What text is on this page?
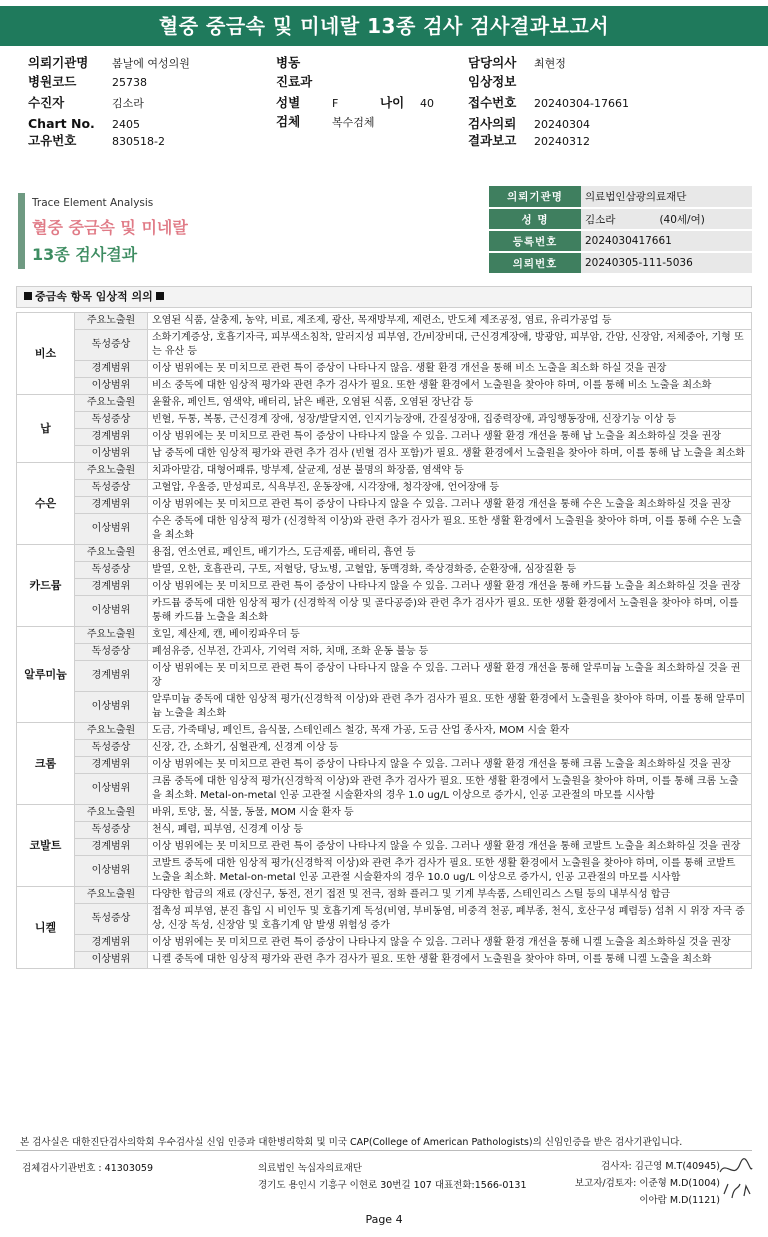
혈중 중금속 및 미네랄 13종 검사 검사결과보고서
의뢰기관명 봄날에 여성의원
병원코드	25738
수진자	김소라
Chart No. 2405
고유번호	830518-2
병동
진료과
성별	F	나이 40
검체	복수검체
담당의사 최현정
임상정보
접수번호 20240304-17661
검사의뢰 20240304
결과보고 20240312
Trace Element Analysis
혈중 중금속 및 미네랄
13종 검사결과
의뢰기관명	의료법인삼광의료재단
성 명	김소라 (40세/여)
등록번호	2024030417661
의뢰번호	20240305-111-5036
중금속 항목 임상적 의의
비소	주요노출원	오염된 식품, 살충제, 농약, 비료, 제조제, 광산, 목재방부제, 제련소, 반도체 제조공정, 염료, 유리가공업 등
	독성증상	소화기계증상, 호흡기자극, 피부색소침착, 알러지성 피부염, 간/비장비대, 근신경계장애, 방광암, 피부암, 간암, 신장암, 저체중아, 기형 또는 유산 등
	경계범위	이상 범위에는 못 미치므로 관련 특이 증상이 나타나지 않음. 생활 환경 개선을 통해 비소 노출을 최소화 하실 것을 권장
	이상범위	비소 중독에 대한 임상적 평가와 관련 추가 검사가 필요. 또한 생활 환경에서 노출원을 찾아야 하며, 이를 통해 비소 노출을 최소화
납	주요노출원	윤활유, 페인트, 염색약, 배터리, 낡은 배관, 오염된 식품, 오염된 장난감 등
	독성증상	빈혈, 두통, 복통, 근신경계 장애, 성장/발달지연, 인지기능장애, 간질성장애, 집중력장애, 과잉행동장애, 신장기능 이상 등
	경계범위	이상 범위에는 못 미치므로 관련 특이 증상이 나타나지 않을 수 있음. 그러나 생활 환경 개선을 통해 납 노출을 최소화하실 것을 권장
	이상범위	납 중독에 대한 임상적 평가와 관련 추가 검사 (빈혈 검사 포함)가 필요. 생활 환경에서 노출원을 찾아야 하며, 이를 통해 납 노출을 최소화
수은	주요노출원	치과아말감, 대형어패류, 방부제, 살균제, 성분 불명의 화장품, 염색약 등
	독성증상	고혈압, 우울증, 만성피로, 식욕부진, 운동장애, 시각장애, 청각장애, 언어장애 등
	경계범위	이상 범위에는 못 미치므로 관련 특이 증상이 나타나지 않을 수 있음. 그러나 생활 환경 개선을 통해 수은 노출을 최소화하실 것을 권장
	이상범위	수은 중독에 대한 임상적 평가 (신경학적 이상)와 관련 추가 검사가 필요. 또한 생활 환경에서 노출원을 찾아야 하며, 이를 통해 수은 노출을 최소화
카드뮴	주요노출원	용접, 연소연료, 페인트, 배기가스, 도금제품, 배터리, 흡연 등
	독성증상	발열, 오한, 호흡관리, 구토, 저혈당, 당뇨병, 고혈압, 동맥경화, 죽상경화증, 순환장애, 심장질환 등
	경계범위	이상 범위에는 못 미치므로 관련 특이 증상이 나타나지 않을 수 있음. 그러나 생활 환경 개선을 통해 카드뮴 노출을 최소화하실 것을 권장
	이상범위	카드뮴 중독에 대한 임상적 평가 (신경학적 이상 및 골다공증)와 관련 추가 검사가 필요. 또한 생활 환경에서 노출원을 찾아야 하며, 이를 통해 카드뮴 노출을 최소화
알루미늄	주요노출원	호일, 제산제, 캔, 베이킹파우더 등
	독성증상	폐섬유증, 신부전, 간괴사, 기억력 저하, 치매, 조화 운동 불능 등
	경계범위	이상 범위에는 못 미치므로 관련 특이 증상이 나타나지 않을 수 있음. 그러나 생활 환경 개선을 통해 알루미늄 노출을 최소화하실 것을 권장
	이상범위	알루미늄 중독에 대한 임상적 평가(신경학적 이상)와 관련 추가 검사가 필요. 또한 생활 환경에서 노출원을 찾아야 하며, 이를 통해 알루미늄 노출을 최소화
크롬	주요노출원	도금, 가죽태닝, 페인트, 음식물, 스테인레스 철강, 목재 가공, 도금 산업 종사자, MOM 시술 환자
	독성증상	신장, 간, 소화기, 심혈관계, 신경계 이상 등
	경계범위	이상 범위에는 못 미치므로 관련 특이 증상이 나타나지 않을 수 있음. 그러나 생활 환경 개선을 통해 크롬 노출을 최소화하실 것을 권장
	이상범위	크롬 중독에 대한 임상적 평가(신경학적 이상)와 관련 추가 검사가 필요. 또한 생활 환경에서 노출원을 찾아야 하며, 이를 통해 크롬 노출을 최소화. Metal-on-metal 인공 고관절 시술환자의 경우 1.0 ug/L 이상으로 증가시, 인공 고관절의 마모를 시사함
코발트	주요노출원	바위, 토양, 물, 식물, 동물, MOM 시술 환자 등
	독성증상	천식, 폐렴, 피부염, 신경계 이상 등
	경계범위	이상 범위에는 못 미치므로 관련 특이 증상이 나타나지 않을 수 있음. 그러나 생활 환경 개선을 통해 코발트 노출을 최소화하실 것을 권장
	이상범위	코발트 중독에 대한 임상적 평가(신경학적 이상)와 관련 추가 검사가 필요. 또한 생활 환경에서 노출원을 찾아야 하며, 이를 통해 코발트 노출을 최소화. Metal-on-metal 인공 고관절 시술환자의 경우 10.0 ug/L 이상으로 증가시, 인공 고관절의 마모를 시사함
니켈	주요노출원	다양한 합금의 재료 (장신구, 동전, 전기 접전 및 전극, 점화 플러그 및 기계 부속품, 스테인리스 스틸 등의 내부식성 합금
	독성증상	접촉성 피부염, 분진 흡입 시 비인두 및 호흡기계 독성(비염, 부비동염, 비중격 천공, 폐부종, 천식, 호산구성 폐렴등) 섭취 시 위장 자극 증상, 신장 독성, 신장암 및 호흡기계 암 발생 위험성 증가
	경계범위	이상 범위에는 못 미치므로 관련 특이 증상이 나타나지 않을 수 있음. 그러나 생활 환경 개선을 통해 니켈 노출을 최소화하실 것을 권장
	이상범위	니켈 중독에 대한 임상적 평가와 관련 추가 검사가 필요. 또한 생활 환경에서 노출원을 찾아야 하며, 이를 통해 니켈 노출을 최소화
본 검사실은 대한진단검사의학회 우수검사실 신임 인증과 대한병리학회 및 미국 CAP(College of American Pathologists)의 신임인증을 받은 검사기관입니다.
검체검사기관번호 : 41303059	의료법인 녹십자의료재단
경기도 용인시 기흥구 이현로 30번길 107 대표전화:1566-0131
검사자: 김근영 M.T(40945)
보고자/검토자: 이준형 M.D(1004)
이아람 M.D(1121)
Page 4
